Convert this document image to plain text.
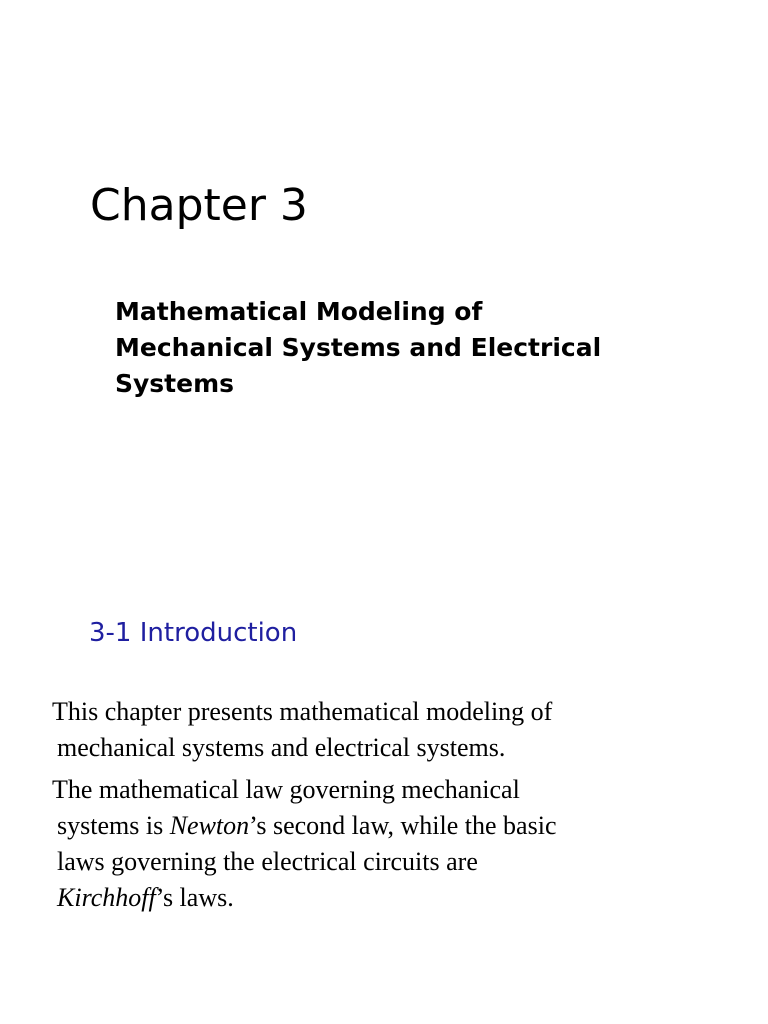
Chapter 3
Mathematical Modeling of
Mechanical Systems and Electrical
Systems
3-1 Introduction
This chapter presents mathematical modeling of
mechanical systems and electrical systems.
The mathematical law governing mechanical
systems is Newton’s second law, while the basic
laws governing the electrical circuits are
Kirchhoff’s laws.
